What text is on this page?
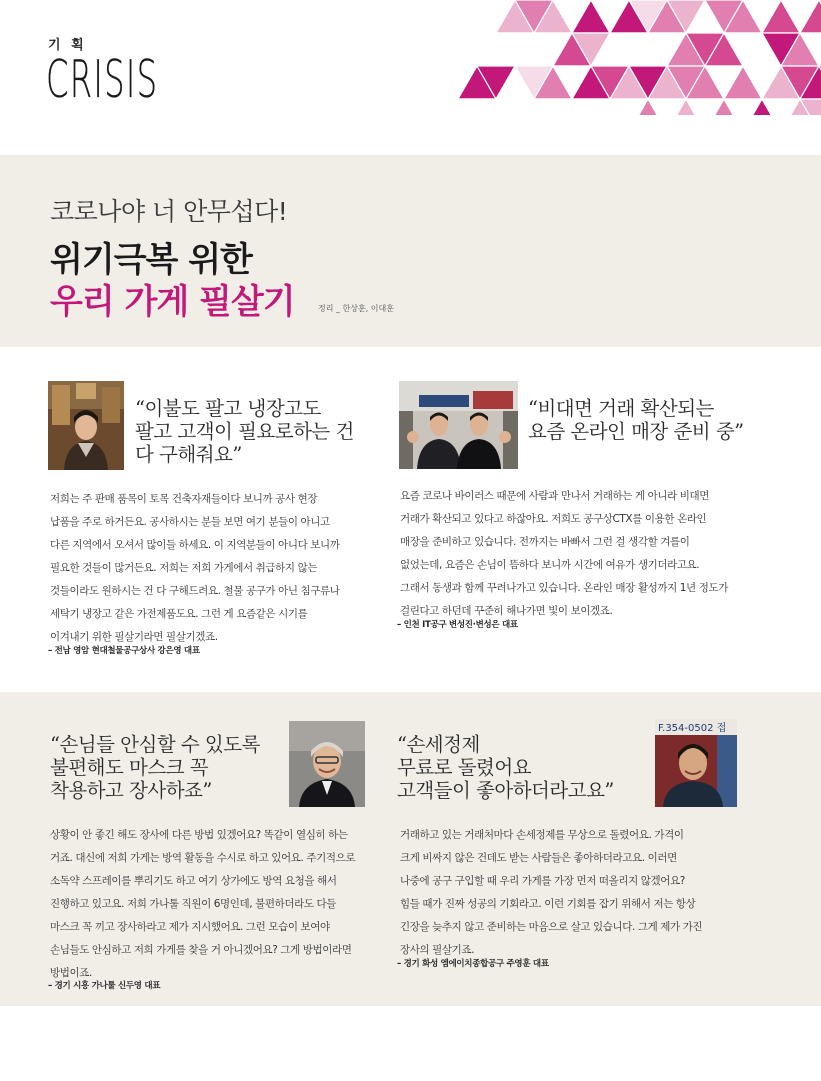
기 획
CRISIS
코로나야 너 안무섭다!
위기극복 위한
우리 가게 필살기	정리 _ 한상훈, 이대훈
“이불도 팔고 냉장고도
팔고 고객이 필요로하는 건
다 구해줘요”
저희는 주 판매 품목이 토목 건축자재들이다 보니까 공사 현장
납품을 주로 하거든요. 공사하시는 분들 보면 여기 분들이 아니고
다른 지역에서 오셔서 많이들 하세요. 이 지역분들이 아니다 보니까
필요한 것들이 많거든요. 저희는 저희 가게에서 취급하지 않는
것들이라도 원하시는 건 다 구해드려요. 철물 공구가 아닌 침구류나
세탁기 냉장고 같은 가전제품도요. 그런 게 요즘같은 시기를
이겨내기 위한 필살기라면 필살기겠죠.
– 전남 영암 현대철물공구상사 강은영 대표
“비대면 거래 확산되는
요즘 온라인 매장 준비 중”
요즘 코로나 바이러스 때문에 사람과 만나서 거래하는 게 아니라 비대면
거래가 확산되고 있다고 하잖아요. 저희도 공구상CTX를 이용한 온라인
매장을 준비하고 있습니다. 전까지는 바빠서 그런 걸 생각할 겨를이
없었는데, 요즘은 손님이 뜸하다 보니까 시간에 여유가 생기더라고요.
그래서 동생과 함께 꾸려나가고 있습니다. 온라인 매장 활성까지 1년 정도가
걸린다고 하던데 꾸준히 해나가면 빛이 보이겠죠.
– 인천 IT공구 변성진·변성은 대표
“손님들 안심할 수 있도록
불편해도 마스크 꼭
착용하고 장사하죠”
상황이 안 좋긴 해도 장사에 다른 방법 있겠어요? 똑같이 열심히 하는
거죠. 대신에 저희 가게는 방역 활동을 수시로 하고 있어요. 주기적으로
소독약 스프레이를 뿌리기도 하고 여기 상가에도 방역 요청을 해서
진행하고 있고요. 저희 가나툴 직원이 6명인데, 불편하더라도 다들
마스크 꼭 끼고 장사하라고 제가 지시했어요. 그런 모습이 보여야
손님들도 안심하고 저희 가게를 찾을 거 아니겠어요? 그게 방법이라면
방법이죠.
– 경기 시흥 가나툴 신두영 대표
“손세정제
무료로 돌렸어요
고객들이 좋아하더라고요”
F.354-0502 접
거래하고 있는 거래처마다 손세정제를 무상으로 돌렸어요. 가격이
크게 비싸지 않은 건데도 받는 사람들은 좋아하더라고요. 이러면
나중에 공구 구입할 때 우리 가게를 가장 먼저 떠올리지 않겠어요?
힘들 때가 진짜 성공의 기회라고. 이런 기회를 잡기 위해서 저는 항상
긴장을 늦추지 않고 준비하는 마음으로 살고 있습니다. 그게 제가 가진
장사의 필살기죠.
– 경기 화성 엠에이치종합공구 주영훈 대표
